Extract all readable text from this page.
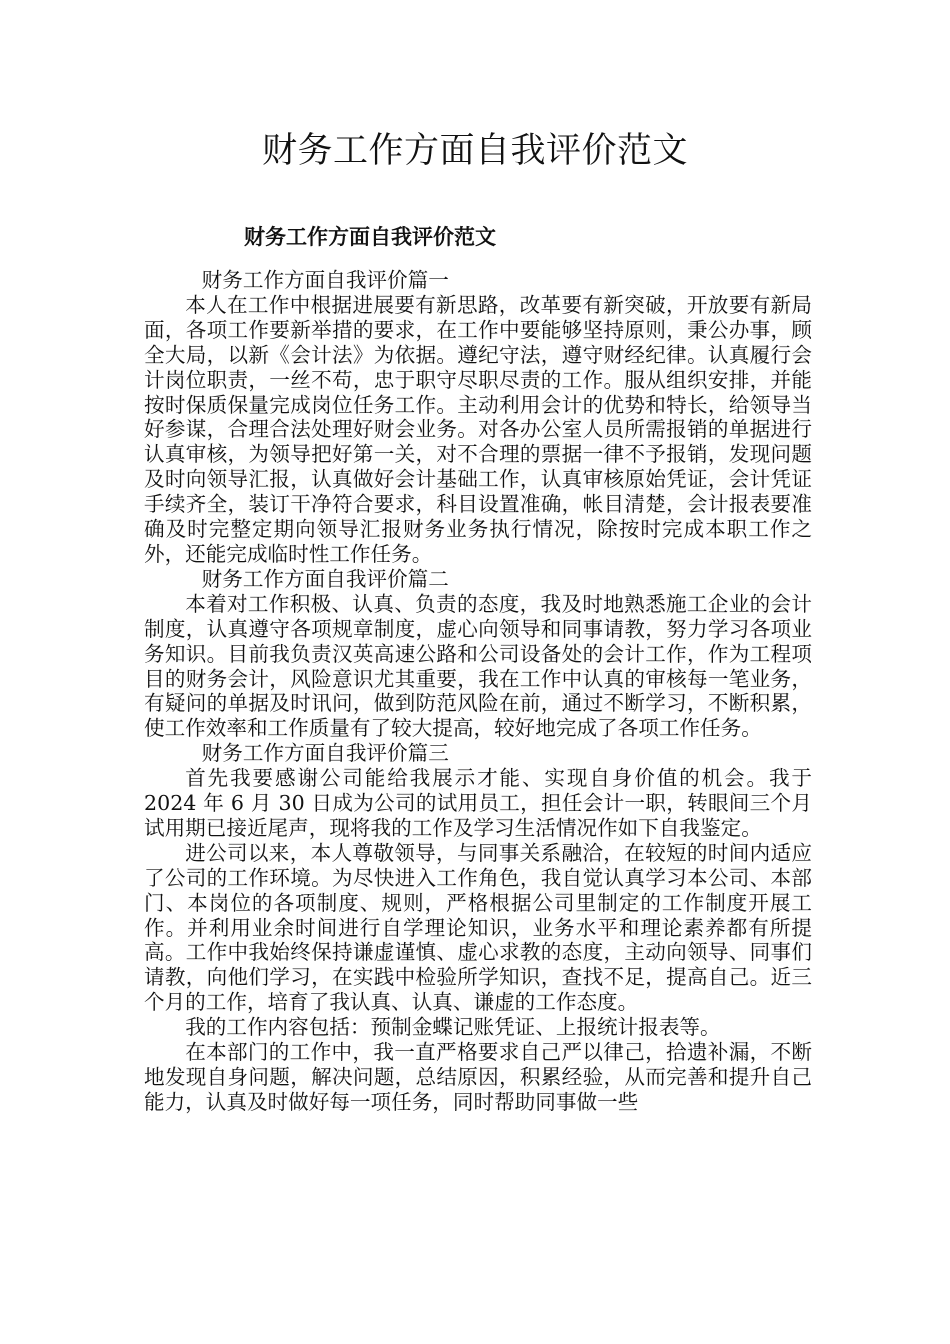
财务工作方面自我评价范文
财务工作方面自我评价范文

财务工作方面自我评价篇一

本人在工作中根据进展要有新思路，改革要有新突破，开放要有新局面，各项工作要新举措的要求，在工作中要能够坚持原则，秉公办事，顾全大局，以新《会计法》为依据。遵纪守法，遵守财经纪律。认真履行会计岗位职责，一丝不苟，忠于职守尽职尽责的工作。服从组织安排，并能按时保质保量完成岗位任务工作。主动利用会计的优势和特长，给领导当好参谋，合理合法处理好财会业务。对各办公室人员所需报销的单据进行认真审核，为领导把好第一关，对不合理的票据一律不予报销，发现问题及时向领导汇报，认真做好会计基础工作，认真审核原始凭证，会计凭证手续齐全，装订干净符合要求，科目设置准确，帐目清楚，会计报表要准确及时完整定期向领导汇报财务业务执行情况，除按时完成本职工作之外，还能完成临时性工作任务。

财务工作方面自我评价篇二

本着对工作积极、认真、负责的态度，我及时地熟悉施工企业的会计制度，认真遵守各项规章制度，虚心向领导和同事请教，努力学习各项业务知识。目前我负责汉英高速公路和公司设备处的会计工作，作为工程项目的财务会计，风险意识尤其重要，我在工作中认真的审核每一笔业务，有疑问的单据及时讯问，做到防范风险在前，通过不断学习，不断积累，使工作效率和工作质量有了较大提高，较好地完成了各项工作任务。

财务工作方面自我评价篇三

首先我要感谢公司能给我展示才能、实现自身价值的机会。我于 2024 年 6 月 30 日成为公司的试用员工，担任会计一职，转眼间三个月试用期已接近尾声，现将我的工作及学习生活情况作如下自我鉴定。

进公司以来，本人尊敬领导，与同事关系融洽，在较短的时间内适应了公司的工作环境。为尽快进入工作角色，我自觉认真学习本公司、本部门、本岗位的各项制度、规则，严格根据公司里制定的工作制度开展工作。并利用业余时间进行自学理论知识，业务水平和理论素养都有所提高。工作中我始终保持谦虚谨慎、虚心求教的态度，主动向领导、同事们请教，向他们学习，在实践中检验所学知识，查找不足，提高自己。近三个月的工作，培育了我认真、认真、谦虚的工作态度。

我的工作内容包括：预制金蝶记账凭证、上报统计报表等。

在本部门的工作中，我一直严格要求自己严以律己，拾遗补漏，不断地发现自身问题，解决问题，总结原因，积累经验，从而完善和提升自己能力，认真及时做好每一项任务，同时帮助同事做一些
